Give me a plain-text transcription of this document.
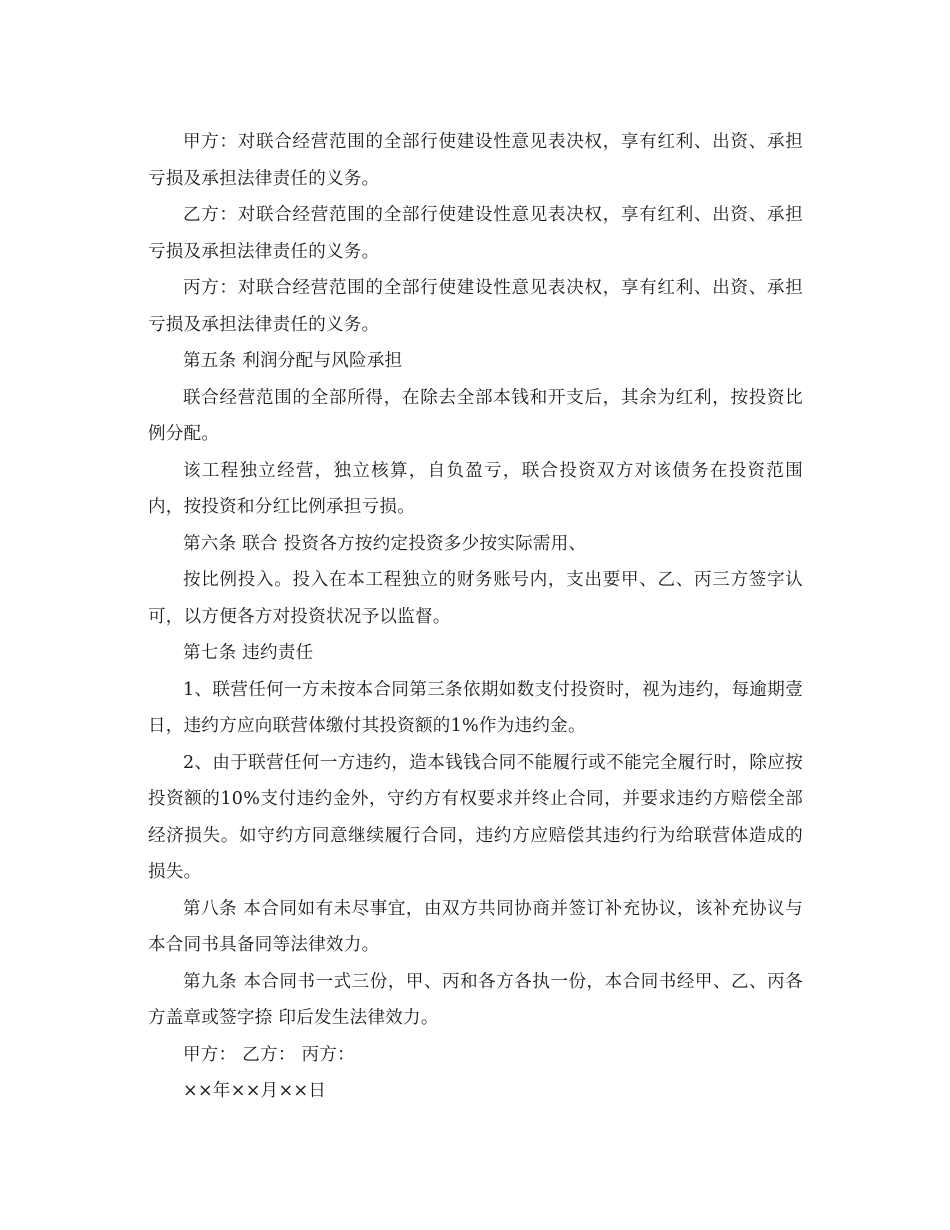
甲方：对联合经营范围的全部行使建设性意见表决权，享有红利、出资、承担亏损及承担法律责任的义务。

乙方：对联合经营范围的全部行使建设性意见表决权，享有红利、出资、承担亏损及承担法律责任的义务。

丙方：对联合经营范围的全部行使建设性意见表决权，享有红利、出资、承担亏损及承担法律责任的义务。

第五条 利润分配与风险承担

联合经营范围的全部所得，在除去全部本钱和开支后，其余为红利，按投资比例分配。

该工程独立经营，独立核算，自负盈亏，联合投资双方对该债务在投资范围内，按投资和分红比例承担亏损。

第六条 联合 投资各方按约定投资多少按实际需用、

按比例投入。投入在本工程独立的财务账号内，支出要甲、乙、丙三方签字认可，以方便各方对投资状况予以监督。

第七条 违约责任

1、联营任何一方未按本合同第三条依期如数支付投资时，视为违约，每逾期壹日，违约方应向联营体缴付其投资额的1%作为违约金。

2、由于联营任何一方违约，造本钱钱合同不能履行或不能完全履行时，除应按投资额的10%支付违约金外，守约方有权要求并终止合同，并要求违约方赔偿全部经济损失。如守约方同意继续履行合同，违约方应赔偿其违约行为给联营体造成的损失。

第八条 本合同如有未尽事宜，由双方共同协商并签订补充协议，该补充协议与本合同书具备同等法律效力。

第九条 本合同书一式三份，甲、丙和各方各执一份，本合同书经甲、乙、丙各方盖章或签字捺 印后发生法律效力。

甲方： 乙方： 丙方：

××年××月××日
